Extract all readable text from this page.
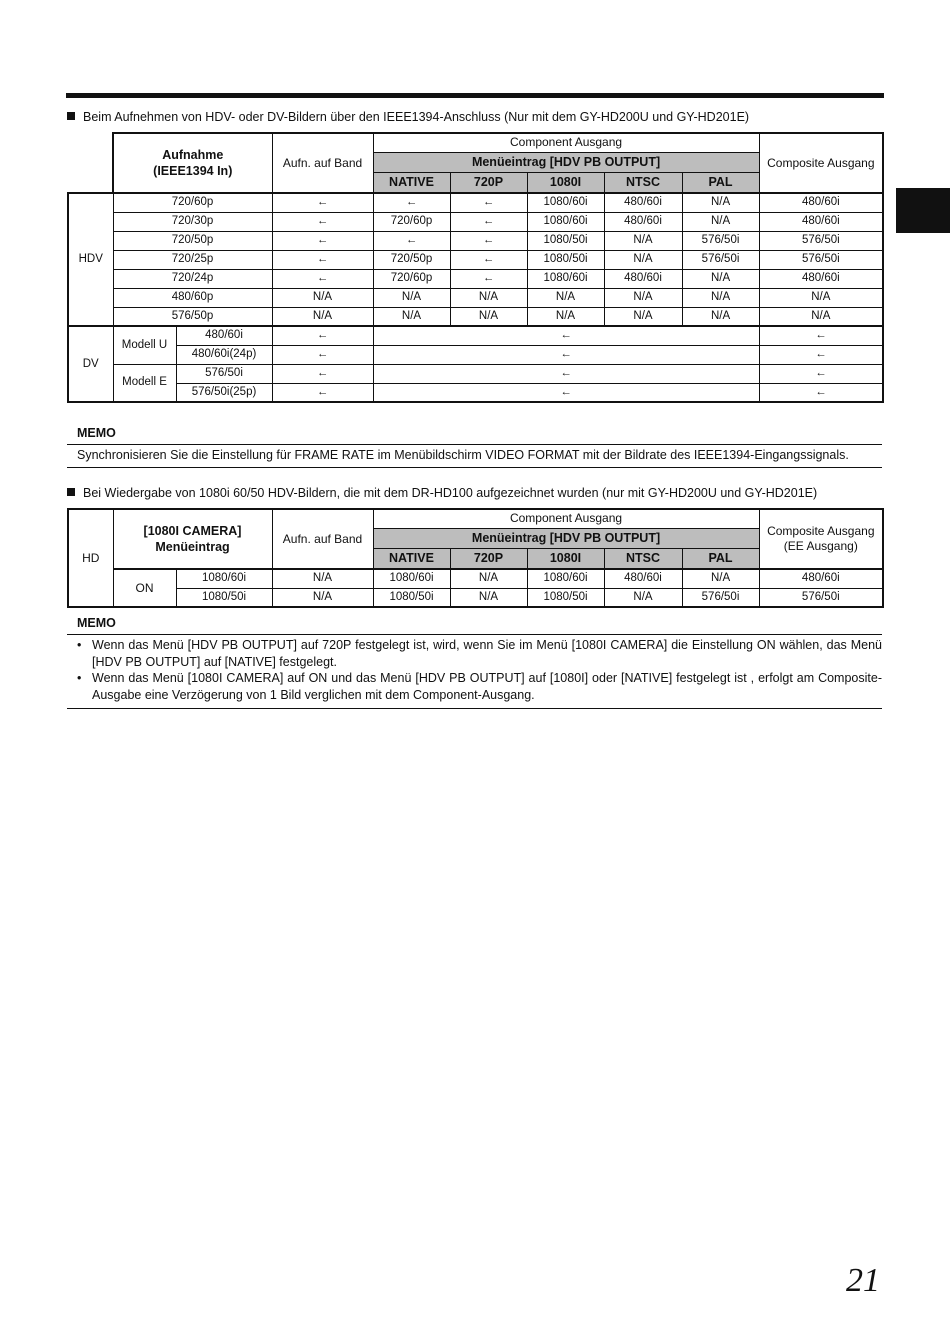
Beim Aufnehmen von HDV- oder DV-Bildern über den IEEE1394-Anschluss (Nur mit dem GY-HD200U und GY-HD201E)
	Aufnahme
(IEEE1394 In)		Aufn. auf Band	Component Ausgang					Composite Ausgang
				Menüeintrag [HDV PB OUTPUT]					
				NATIVE	720P	1080I	NTSC	PAL	
HDV	720/60p		←	←	←	1080/60i	480/60i	N/A	480/60i
	720/30p		←	720/60p	←	1080/60i	480/60i	N/A	480/60i
	720/50p		←	←	←	1080/50i	N/A	576/50i	576/50i
	720/25p		←	720/50p	←	1080/50i	N/A	576/50i	576/50i
	720/24p		←	720/60p	←	1080/60i	480/60i	N/A	480/60i
	480/60p		N/A	N/A	N/A	N/A	N/A	N/A	N/A
	576/50p		N/A	N/A	N/A	N/A	N/A	N/A	N/A
DV	Modell U	480/60i	←	←					←
		480/60i(24p)	←	←					←
	Modell E	576/50i	←	←					←
		576/50i(25p)	←	←					←
MEMO
Synchronisieren Sie die Einstellung für FRAME RATE im Menübildschirm VIDEO FORMAT mit der Bildrate des IEEE1394-Eingangssignals.
Bei Wiedergabe von 1080i 60/50 HDV-Bildern, die mit dem DR-HD100 aufgezeichnet wurden (nur mit GY-HD200U und GY-HD201E)
HD	[1080I CAMERA]
Menüeintrag		Aufn. auf Band	Component Ausgang					Composite Ausgang
(EE Ausgang)
				Menüeintrag [HDV PB OUTPUT]					
				NATIVE	720P	1080I	NTSC	PAL	
	ON	1080/60i	N/A	1080/60i	N/A	1080/60i	480/60i	N/A	480/60i
		1080/50i	N/A	1080/50i	N/A	1080/50i	N/A	576/50i	576/50i
MEMO
• Wenn das Menü [HDV PB OUTPUT] auf 720P festgelegt ist, wird, wenn Sie im Menü [1080I CAMERA] die Einstellung ON wählen, das Menü [HDV PB OUTPUT] auf [NATIVE] festgelegt.
• Wenn das Menü [1080I CAMERA] auf ON und das Menü [HDV PB OUTPUT] auf [1080I] oder [NATIVE] festgelegt ist , erfolgt am Composite-Ausgabe eine Verzögerung von 1 Bild verglichen mit dem Component-Ausgang.
21
